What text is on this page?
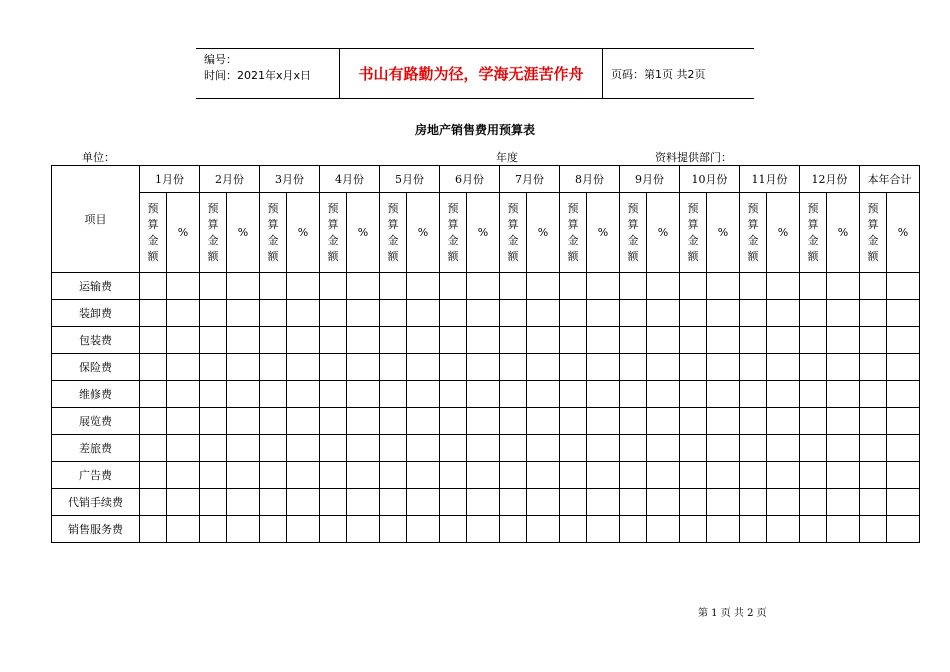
编号：
时间：2021年x月x日	书山有路勤为径，学海无涯苦作舟	页码：第1页 共2页
房地产销售费用预算表
单位：	年度	资料提供部门：
项目	1月份		2月份		3月份		4月份		5月份		6月份		7月份		8月份		9月份		10月份		11月份		12月份		本年合计	

	预
算
金
额	%	预
算
金
额	%	预
算
金
额	%	预
算
金
额	%	预
算
金
额	%	预
算
金
额	%	预
算
金
额	%	预
算
金
额	%	预
算
金
额	%	预
算
金
额	%	预
算
金
额	%	预
算
金
额	%	预
算
金
额	%
运输费																										
装卸费																										
包装费																										
保险费																										
维修费																										
展览费																										
差旅费																										
广告费																										
代销手续费																										
销售服务费																										
第 1 页 共 2 页
